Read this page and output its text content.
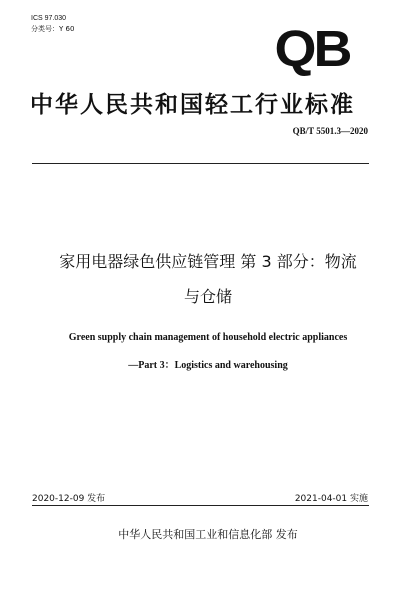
ICS 97.030
分类号：Y 60	QB
中华人民共和国轻工行业标准
QB/T 5501.3—2020
家用电器绿色供应链管理 第 3 部分：物流
与仓储
Green supply chain management of household electric appliances
—Part 3：Logistics and warehousing
2020-12-09 发布	2021-04-01 实施
中华人民共和国工业和信息化部 发布
